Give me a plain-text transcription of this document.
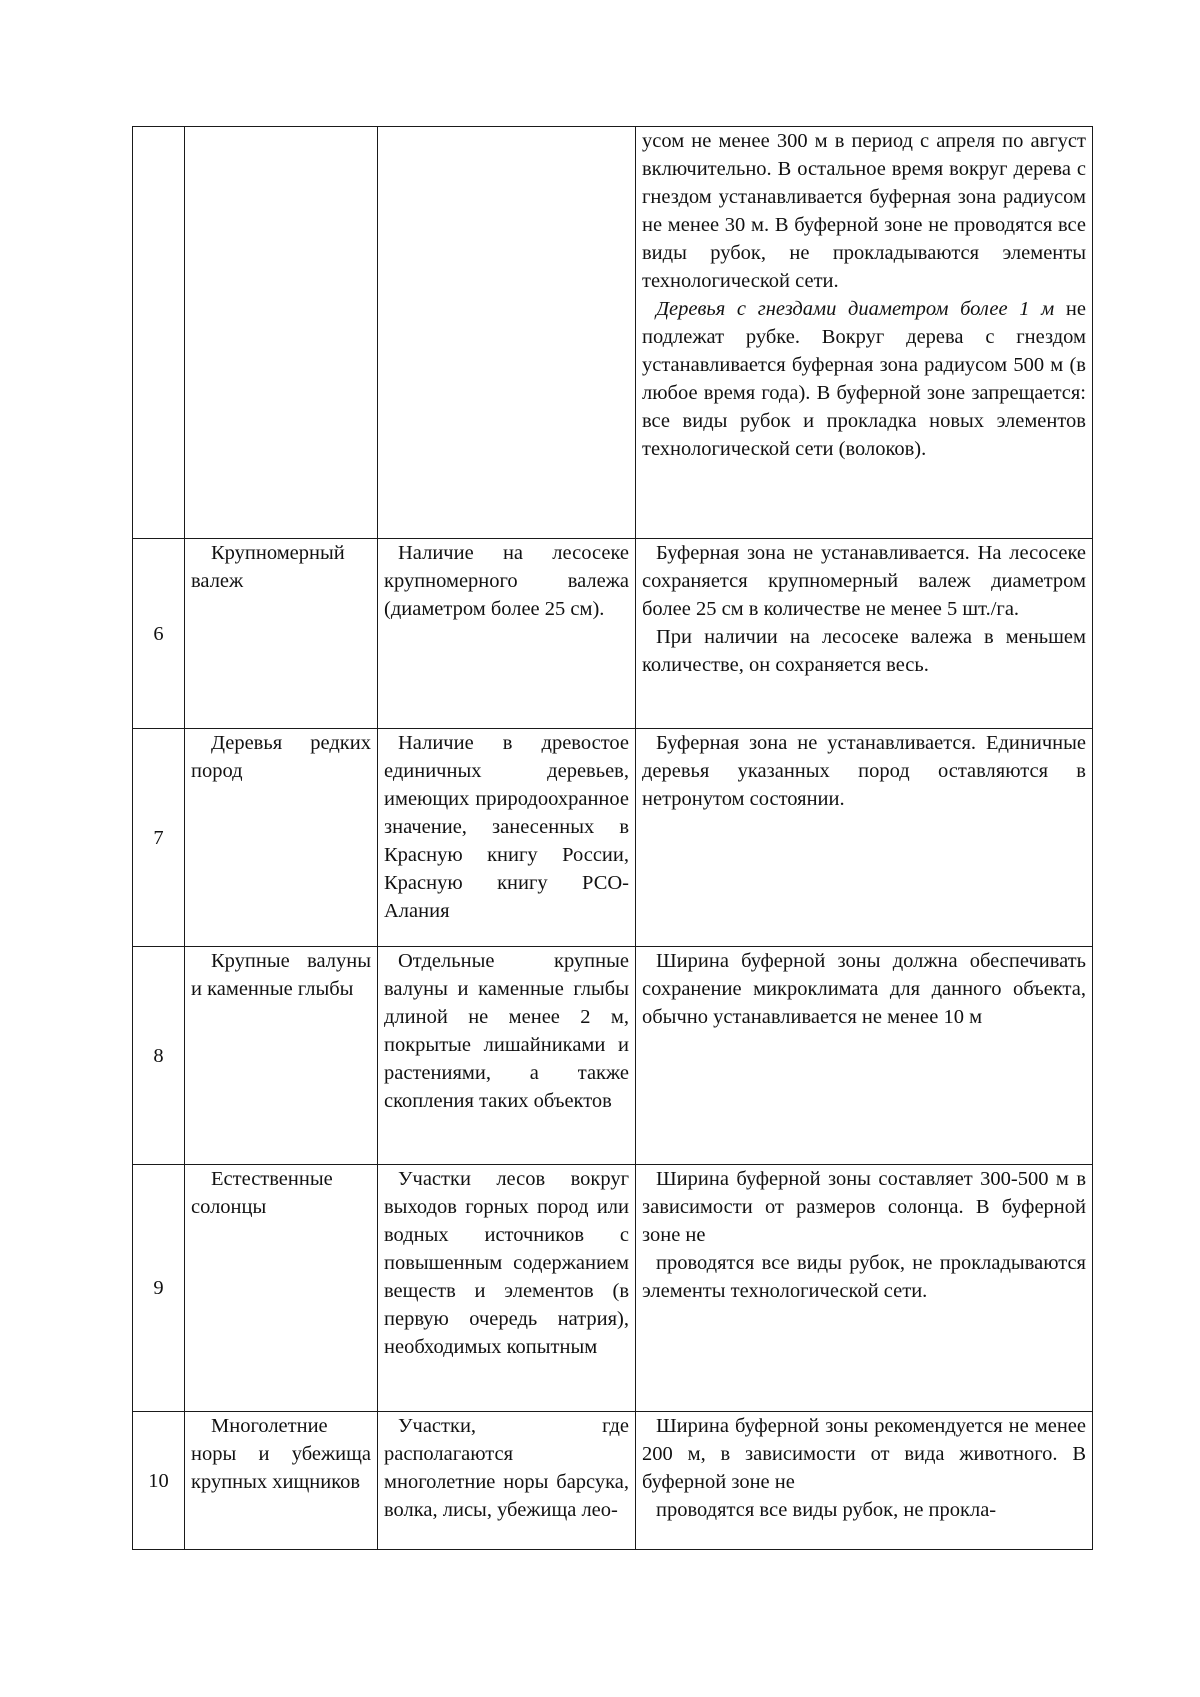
			усом не менее 300 м в период с апреля по август включительно. В остальное время вокруг дерева с гнездом устанавливается буферная зона радиусом не менее 30 м. В буферной зоне не проводятся все виды рубок, не прокладываются элементы технологической сети.
Деревья с гнездами диаметром более 1 м не подлежат рубке. Вокруг дерева с гнездом устанавливается буферная зона радиусом 500 м (в любое время года). В буферной зоне запрещается: все виды рубок и прокладка новых элементов технологической сети (волоков).

6	Крупномерный валеж	Наличие на лесосеке крупномерного валежа (диаметром более 25 см).	Буферная зона не устанавливается. На лесосеке сохраняется крупномерный валеж диаметром более 25 см в количестве не менее 5 шт./га.
При наличии на лесосеке валежа в меньшем количестве, он сохраняется весь.

7	Деревья редких пород	Наличие в древостое единичных деревьев, имеющих природоохранное значение, занесенных в Красную книгу России, Красную книгу РСО-Алания	Буферная зона не устанавливается. Единичные деревья указанных пород оставляются в нетронутом состоянии.

8	Крупные валуны и каменные глыбы	Отдельные крупные валуны и каменные глыбы длиной не менее 2 м, покрытые лишайниками и растениями, а также скопления таких объектов	Ширина буферной зоны должна обеспечивать сохранение микроклимата для данного объекта, обычно устанавливается не менее 10 м

9	Естественные солонцы	Участки лесов вокруг выходов горных пород или водных источников с повышенным содержанием веществ и элементов (в первую очередь натрия), необходимых копытным	Ширина буферной зоны составляет 300-500 м в зависимости от размеров солонца. В буферной зоне не
проводятся все виды рубок, не прокладываются элементы технологической сети.

10	Многолетние норы и убежища крупных хищников	Участки, где располагаются многолетние норы барсука, волка, лисы, убежища лео-	Ширина буферной зоны рекомендуется не менее 200 м, в зависимости от вида животного. В буферной зоне не
проводятся все виды рубок, не прокла-
